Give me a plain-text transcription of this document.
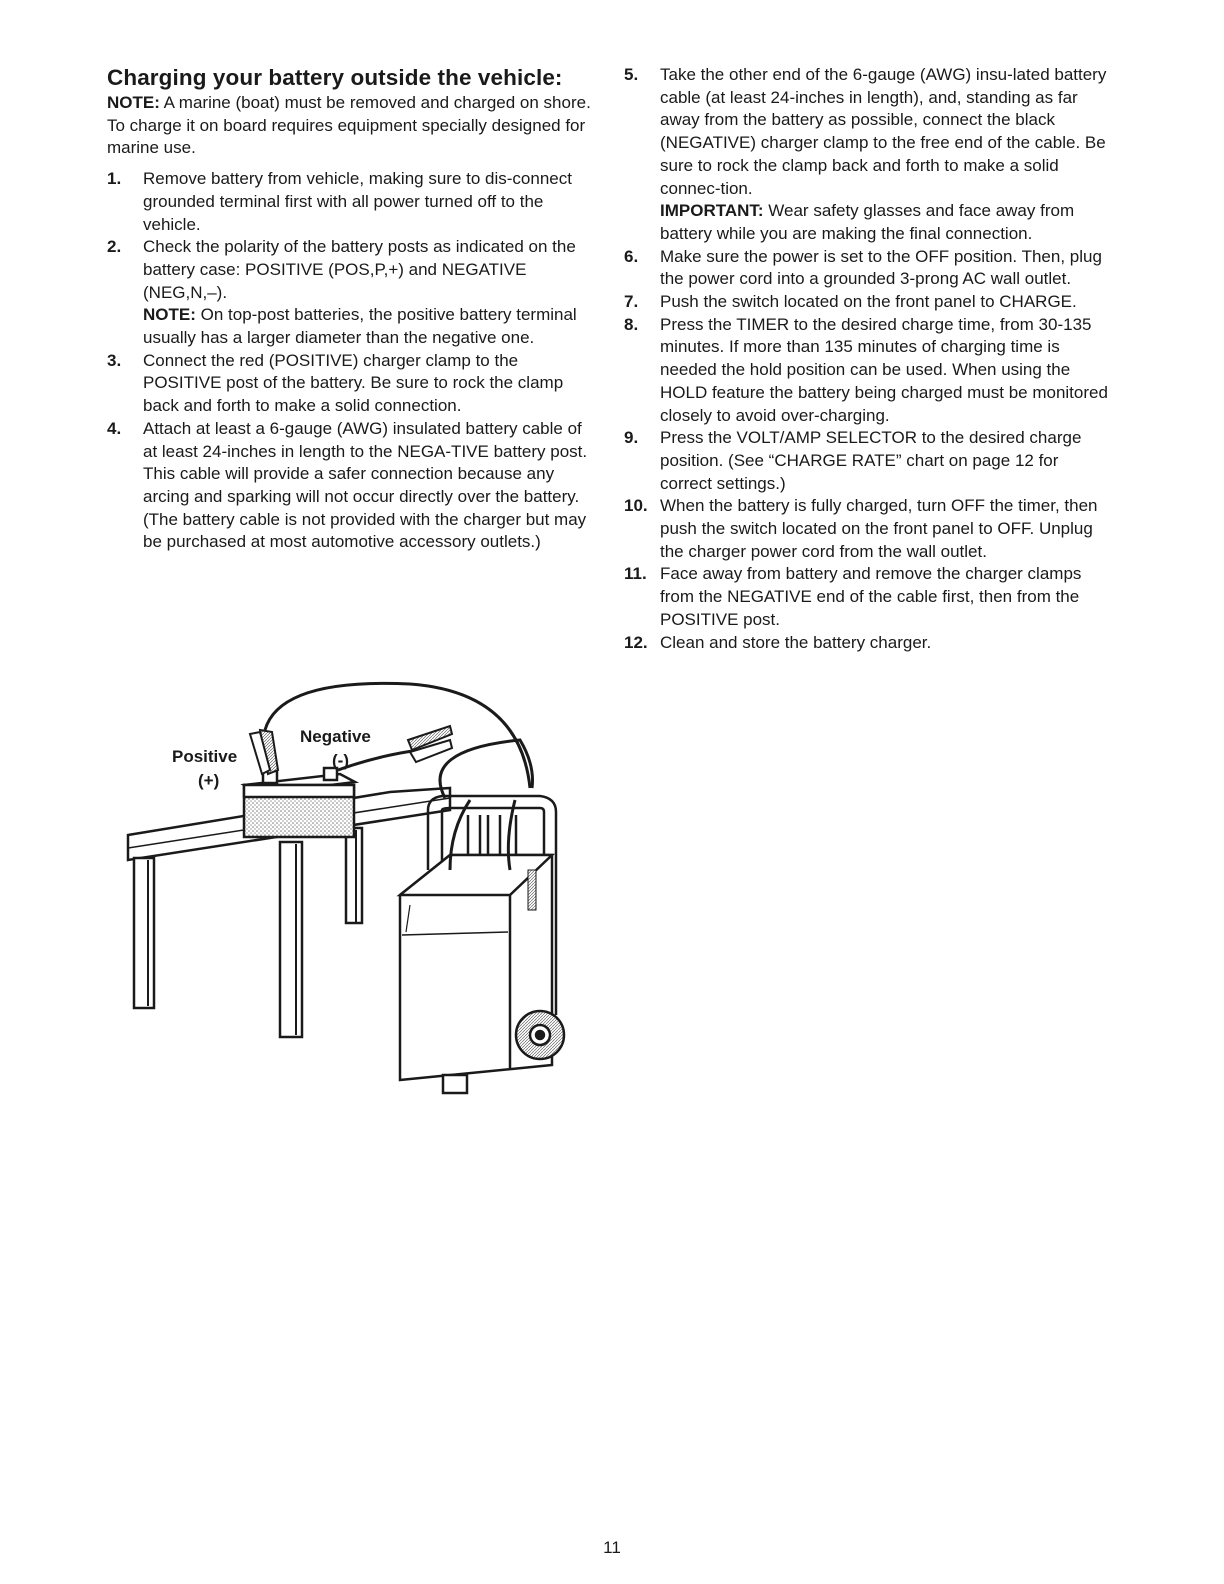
Charging your battery outside the vehicle:

NOTE: A marine (boat) must be removed and charged on shore. To charge it on board requires equipment specially designed for marine use.

1.	Remove battery from vehicle, making sure to dis-connect grounded terminal first with all power turned off to the vehicle.
2.	Check the polarity of the battery posts as indicated on the battery case: POSITIVE (POS,P,+) and NEGATIVE (NEG,N,–).
NOTE: On top-post batteries, the positive battery terminal usually has a larger diameter than the negative one.
3.	Connect the red (POSITIVE) charger clamp to the POSITIVE post of the battery. Be sure to rock the clamp back and forth to make a solid connection.
4.	Attach at least a 6-gauge (AWG) insulated battery cable of at least 24-inches in length to the NEGA-TIVE battery post. This cable will provide a safer connection because any arcing and sparking will not occur directly over the battery. (The battery cable is not provided with the charger but may be purchased at most automotive accessory outlets.)
Positive
(+)
Negative
(-)
5.	Take the other end of the 6-gauge (AWG) insu-lated battery cable (at least 24-inches in length), and, standing as far away from the battery as possible, connect the black (NEGATIVE) charger clamp to the free end of the cable. Be sure to rock the clamp back and forth to make a solid connec-tion.
IMPORTANT: Wear safety glasses and face away from battery while you are making the final connection.
6.	Make sure the power is set to the OFF position. Then, plug the power cord into a grounded 3-prong AC wall outlet.
7.	Push the switch located on the front panel to CHARGE.
8.	Press the TIMER to the desired charge time, from 30-135 minutes. If more than 135 minutes of charging time is needed the hold position can be used. When using the HOLD feature the battery being charged must be monitored closely to avoid over-charging.
9.	Press the VOLT/AMP SELECTOR to the desired charge position. (See “CHARGE RATE” chart on page 12 for correct settings.)
10. When the battery is fully charged, turn OFF the timer, then push the switch located on the front panel to OFF. Unplug the charger power cord from the wall outlet.
11. Face away from battery and remove the charger clamps from the NEGATIVE end of the cable first, then from the POSITIVE post.
12. Clean and store the battery charger.
11
